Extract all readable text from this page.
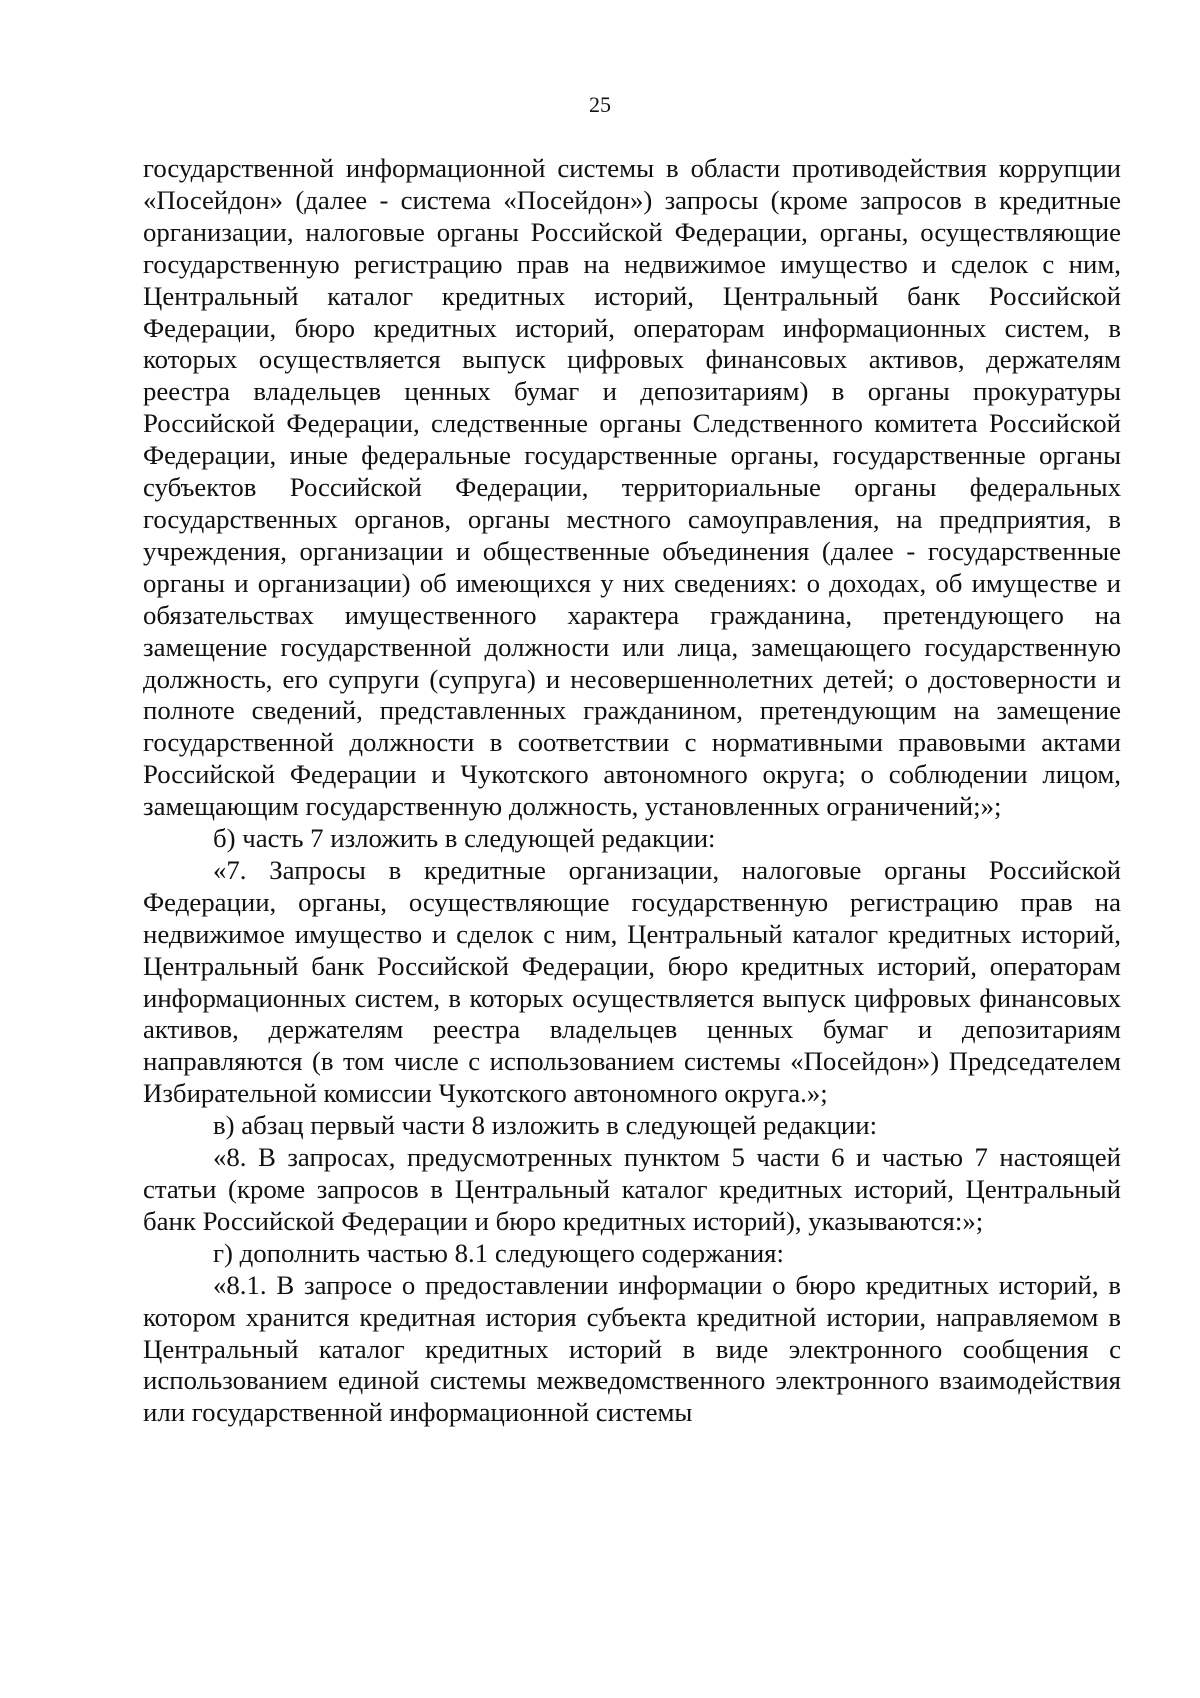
25

государственной информационной системы в области противодействия коррупции «Посейдон» (далее - система «Посейдон») запросы (кроме запросов в кредитные организации, налоговые органы Российской Федерации, органы, осуществляющие государственную регистрацию прав на недвижимое имущество и сделок с ним, Центральный каталог кредитных историй, Центральный банк Российской Федерации, бюро кредитных историй, операторам информационных систем, в которых осуществляется выпуск цифровых финансовых активов, держателям реестра владельцев ценных бумаг и депозитариям) в органы прокуратуры Российской Федерации, следственные органы Следственного комитета Российской Федерации, иные федеральные государственные органы, государственные органы субъектов Российской Федерации, территориальные органы федеральных государственных органов, органы местного самоуправления, на предприятия, в учреждения, организации и общественные объединения (далее - государственные органы и организации) об имеющихся у них сведениях: о доходах, об имуществе и обязательствах имущественного характера гражданина, претендующего на замещение государственной должности или лица, замещающего государственную должность, его супруги (супруга) и несовершеннолетних детей; о достоверности и полноте сведений, представленных гражданином, претендующим на замещение государственной должности в соответствии с нормативными правовыми актами Российской Федерации и Чукотского автономного округа; о соблюдении лицом, замещающим государственную должность, установленных ограничений;»;

б) часть 7 изложить в следующей редакции:

«7. Запросы в кредитные организации, налоговые органы Российской Федерации, органы, осуществляющие государственную регистрацию прав на недвижимое имущество и сделок с ним, Центральный каталог кредитных историй, Центральный банк Российской Федерации, бюро кредитных историй, операторам информационных систем, в которых осуществляется выпуск цифровых финансовых активов, держателям реестра владельцев ценных бумаг и депозитариям направляются (в том числе с использованием системы «Посейдон») Председателем Избирательной комиссии Чукотского автономного округа.»;

в) абзац первый части 8 изложить в следующей редакции:

«8. В запросах, предусмотренных пунктом 5 части 6 и частью 7 настоящей статьи (кроме запросов в Центральный каталог кредитных историй, Центральный банк Российской Федерации и бюро кредитных историй), указываются:»;

г) дополнить частью 8.1 следующего содержания:

«8.1. В запросе о предоставлении информации о бюро кредитных историй, в котором хранится кредитная история субъекта кредитной истории, направляемом в Центральный каталог кредитных историй в виде электронного сообщения с использованием единой системы межведомственного электронного взаимодействия или государственной информационной системы
